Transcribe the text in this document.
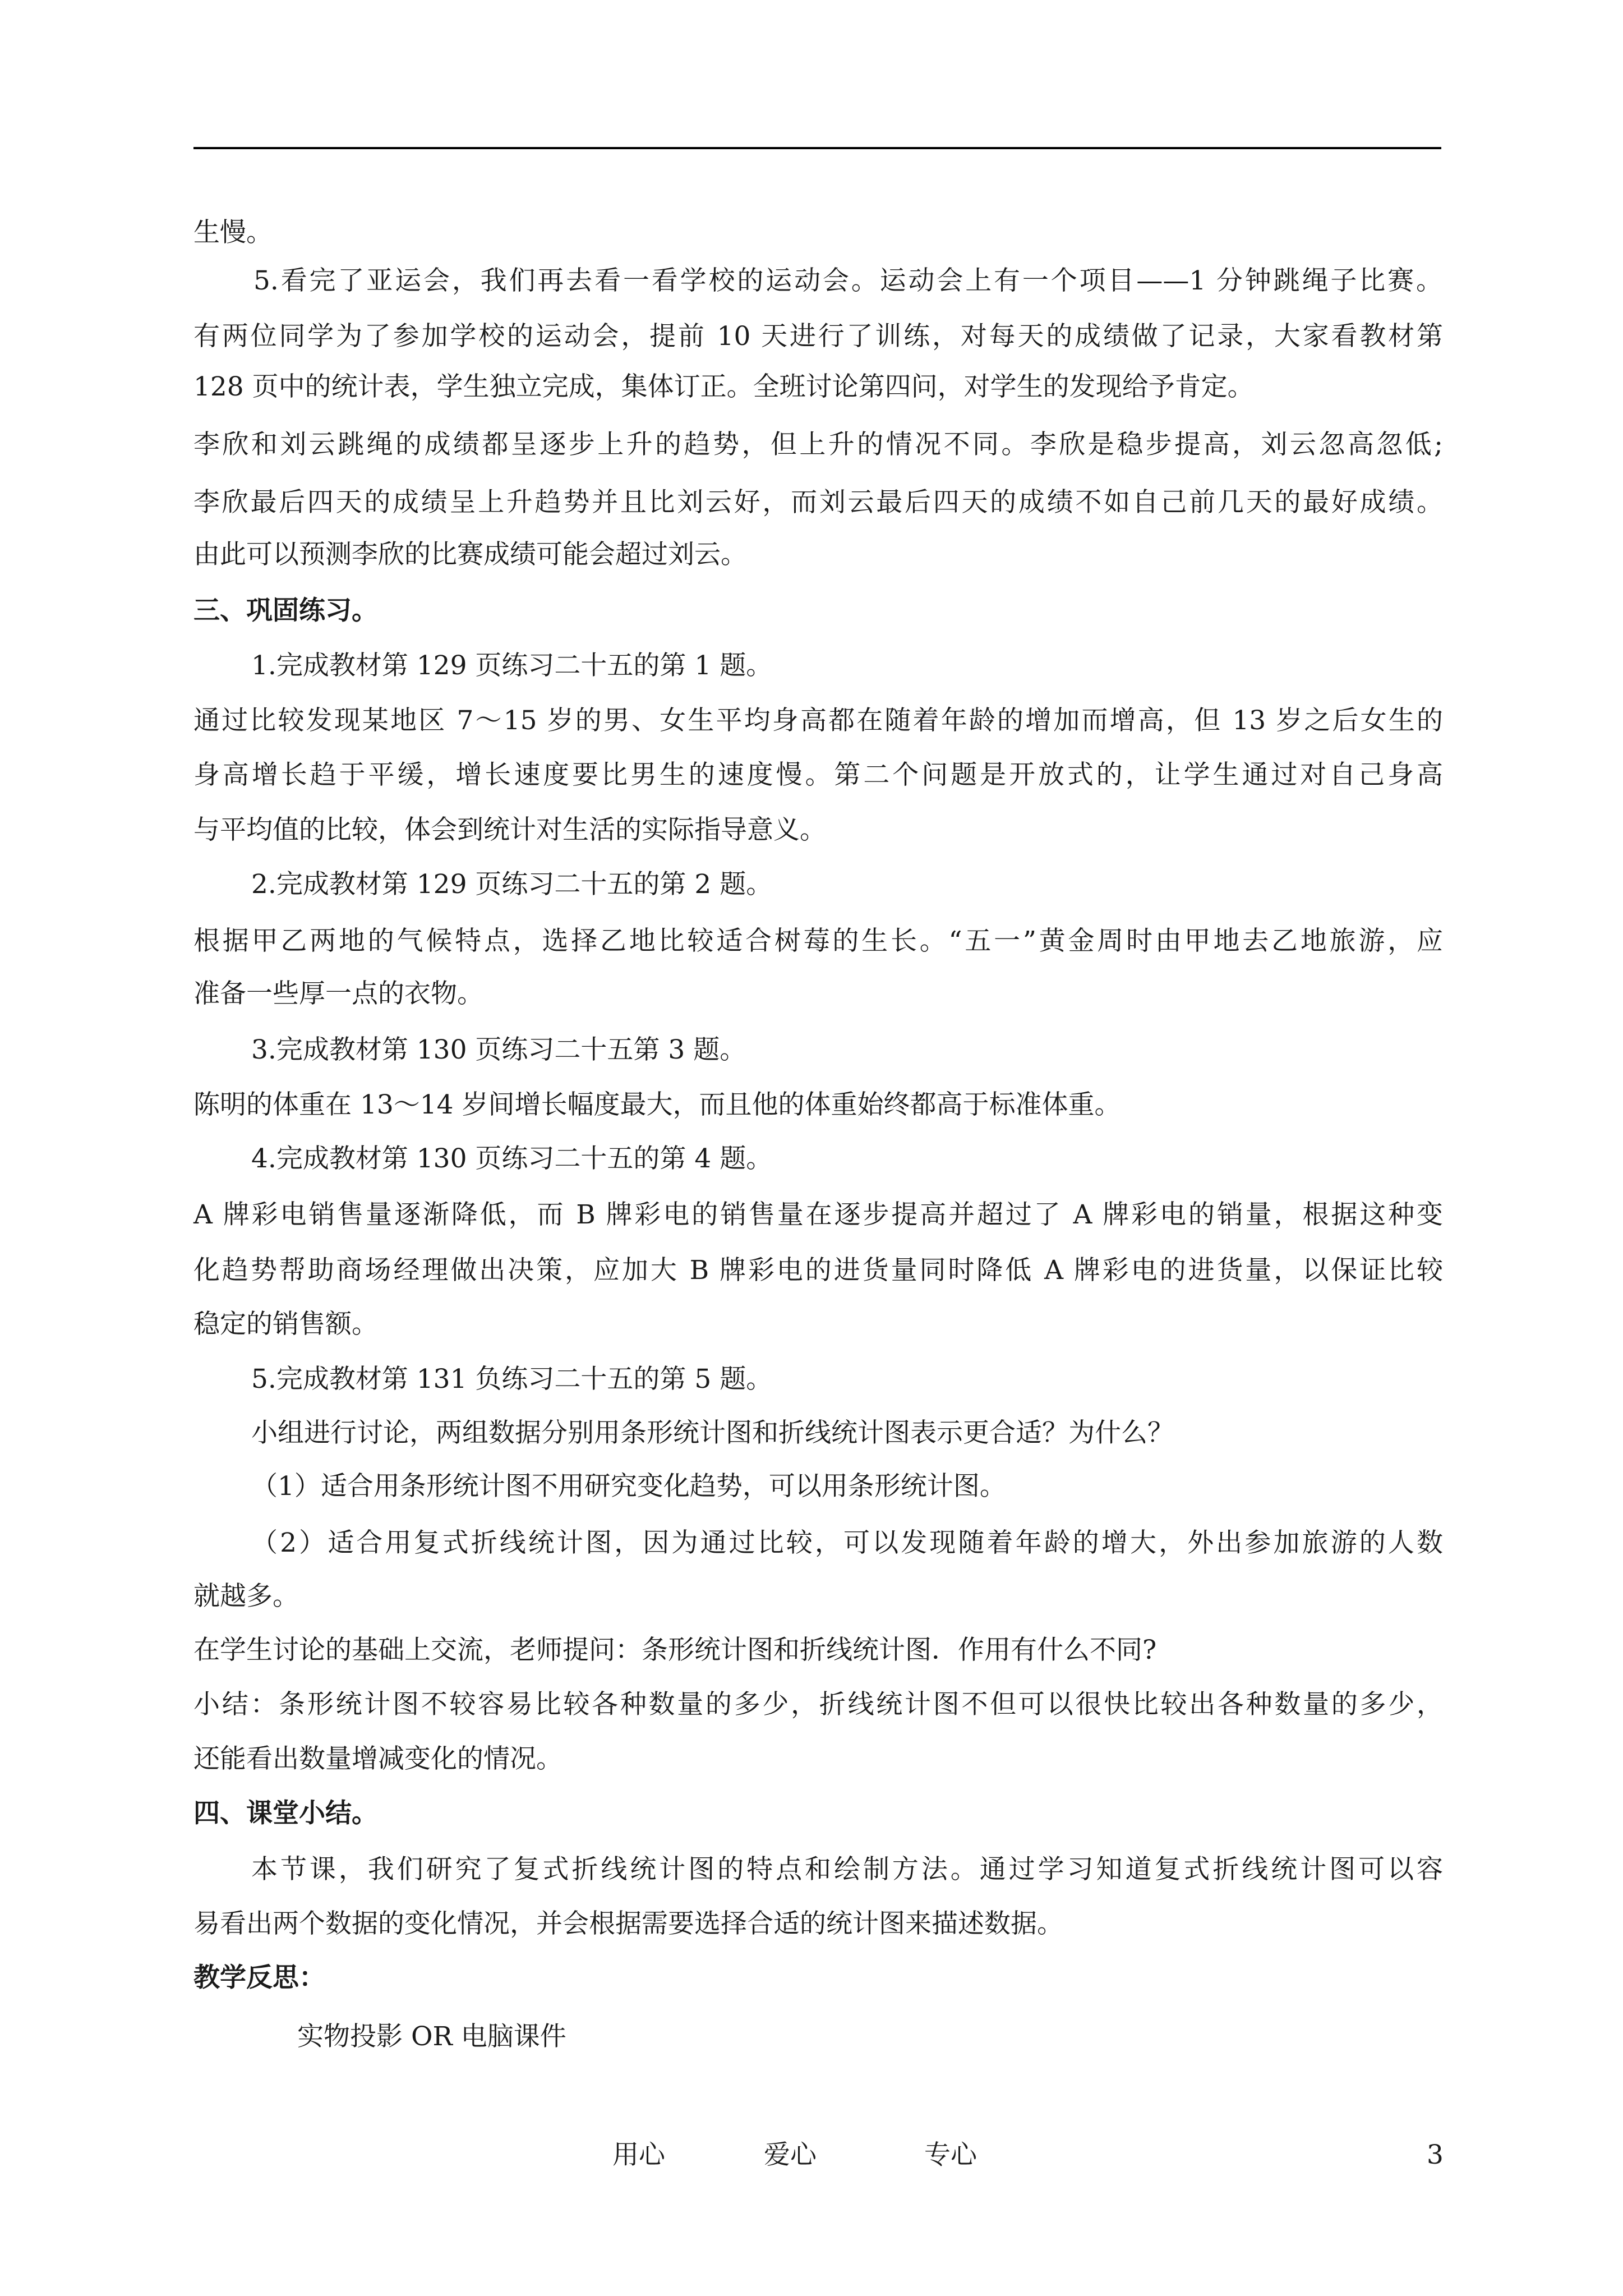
生慢。
5.看完了亚运会，我们再去看一看学校的运动会。运动会上有一个项目——1 分钟跳绳子比赛。
有两位同学为了参加学校的运动会，提前 10 天进行了训练，对每天的成绩做了记录，大家看教材第
128 页中的统计表，学生独立完成，集体订正。全班讨论第四问，对学生的发现给予肯定。
李欣和刘云跳绳的成绩都呈逐步上升的趋势，但上升的情况不同。李欣是稳步提高，刘云忽高忽低;
李欣最后四天的成绩呈上升趋势并且比刘云好，而刘云最后四天的成绩不如自己前几天的最好成绩。
由此可以预测李欣的比赛成绩可能会超过刘云。
三、巩固练习。
1.完成教材第 129 页练习二十五的第 1 题。
通过比较发现某地区 7～15 岁的男、女生平均身高都在随着年龄的增加而增高，但 13 岁之后女生的
身高增长趋于平缓，增长速度要比男生的速度慢。第二个问题是开放式的，让学生通过对自己身高
与平均值的比较，体会到统计对生活的实际指导意义。
2.完成教材第 129 页练习二十五的第 2 题。
根据甲乙两地的气候特点，选择乙地比较适合树莓的生长。“五一”黄金周时由甲地去乙地旅游，应
准备一些厚一点的衣物。
3.完成教材第 130 页练习二十五第 3 题。
陈明的体重在 13～14 岁间增长幅度最大，而且他的体重始终都高于标准体重。
4.完成教材第 130 页练习二十五的第 4 题。
A 牌彩电销售量逐渐降低，而 B 牌彩电的销售量在逐步提高并超过了 A 牌彩电的销量，根据这种变
化趋势帮助商场经理做出决策，应加大 B 牌彩电的进货量同时降低 A 牌彩电的进货量，以保证比较
稳定的销售额。
5.完成教材第 131 负练习二十五的第 5 题。
小组进行讨论，两组数据分别用条形统计图和折线统计图表示更合适？为什么？
（1）适合用条形统计图不用研究变化趋势，可以用条形统计图。
（2）适合用复式折线统计图，因为通过比较，可以发现随着年龄的增大，外出参加旅游的人数
就越多。
在学生讨论的基础上交流，老师提问：条形统计图和折线统计图．作用有什么不同?
小结：条形统计图不较容易比较各种数量的多少，折线统计图不但可以很快比较出各种数量的多少，
还能看出数量增减变化的情况。
四、课堂小结。
本节课，我们研究了复式折线统计图的特点和绘制方法。通过学习知道复式折线统计图可以容
易看出两个数据的变化情况，并会根据需要选择合适的统计图来描述数据。
教学反思：
实物投影 OR 电脑课件
用心	爱心	专心	3
